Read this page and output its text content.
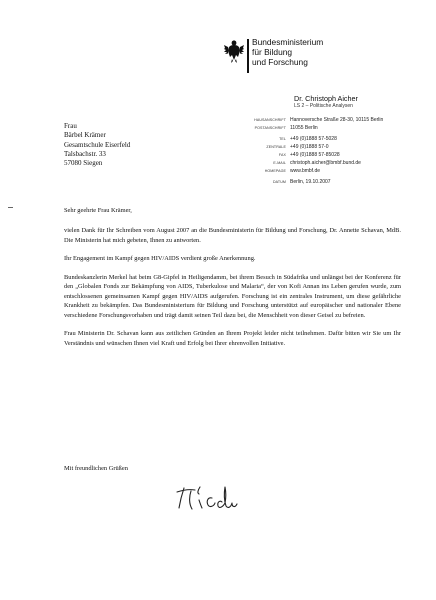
Bundesministerium
für Bildung
und Forschung
Dr. Christoph Aicher
LS 2 – Politische Analysen
HAUSANSCHRIFT Hannoversche Straße 28-30, 10115 Berlin
POSTANSCHRIFT 11055 Berlin
TEL +49 (0)1888 57-5028
ZENTRALE +49 (0)1888 57-0
FAX +49 (0)1888 57-85028
E-MAIL christoph.aicher@bmbf.bund.de
HOMEPAGE www.bmbf.de
DATUM Berlin, 19.10.2007
Frau
Bärbel Krämer
Gesamtschule Eiserfeld
Talsbachstr. 33
57080 Siegen
Sehr geehrte Frau Krämer,

vielen Dank für Ihr Schreiben vom August 2007 an die Bundesministerin für Bildung und Forschung, Dr. Annette Schavan, MdB. Die Ministerin hat mich gebeten, Ihnen zu antworten.

Ihr Engagement im Kampf gegen HIV/AIDS verdient große Anerkennung.

Bundeskanzlerin Merkel hat beim G8-Gipfel in Heiligendamm, bei ihrem Besuch in Südafrika und unlängst bei der Konferenz für den „Globalen Fonds zur Bekämpfung von AIDS, Tuberkulose und Malaria“, der von Kofi Annan ins Leben gerufen wurde, zum entschlossenen gemeinsamen Kampf gegen HIV/AIDS aufgerufen. Forschung ist ein zentrales Instrument, um diese gefährliche Krankheit zu bekämpfen. Das Bundesministerium für Bildung und Forschung unterstützt auf europäischer und nationaler Ebene verschiedene Forschungsvorhaben und trägt damit seinen Teil dazu bei, die Menschheit von dieser Geisel zu befreien.

Frau Ministerin Dr. Schavan kann aus zeitlichen Gründen an Ihrem Projekt leider nicht teilnehmen. Dafür bitten wir Sie um Ihr Verständnis und wünschen Ihnen viel Kraft und Erfolg bei Ihrer ehrenvollen Initiative.

Mit freundlichen Grüßen
